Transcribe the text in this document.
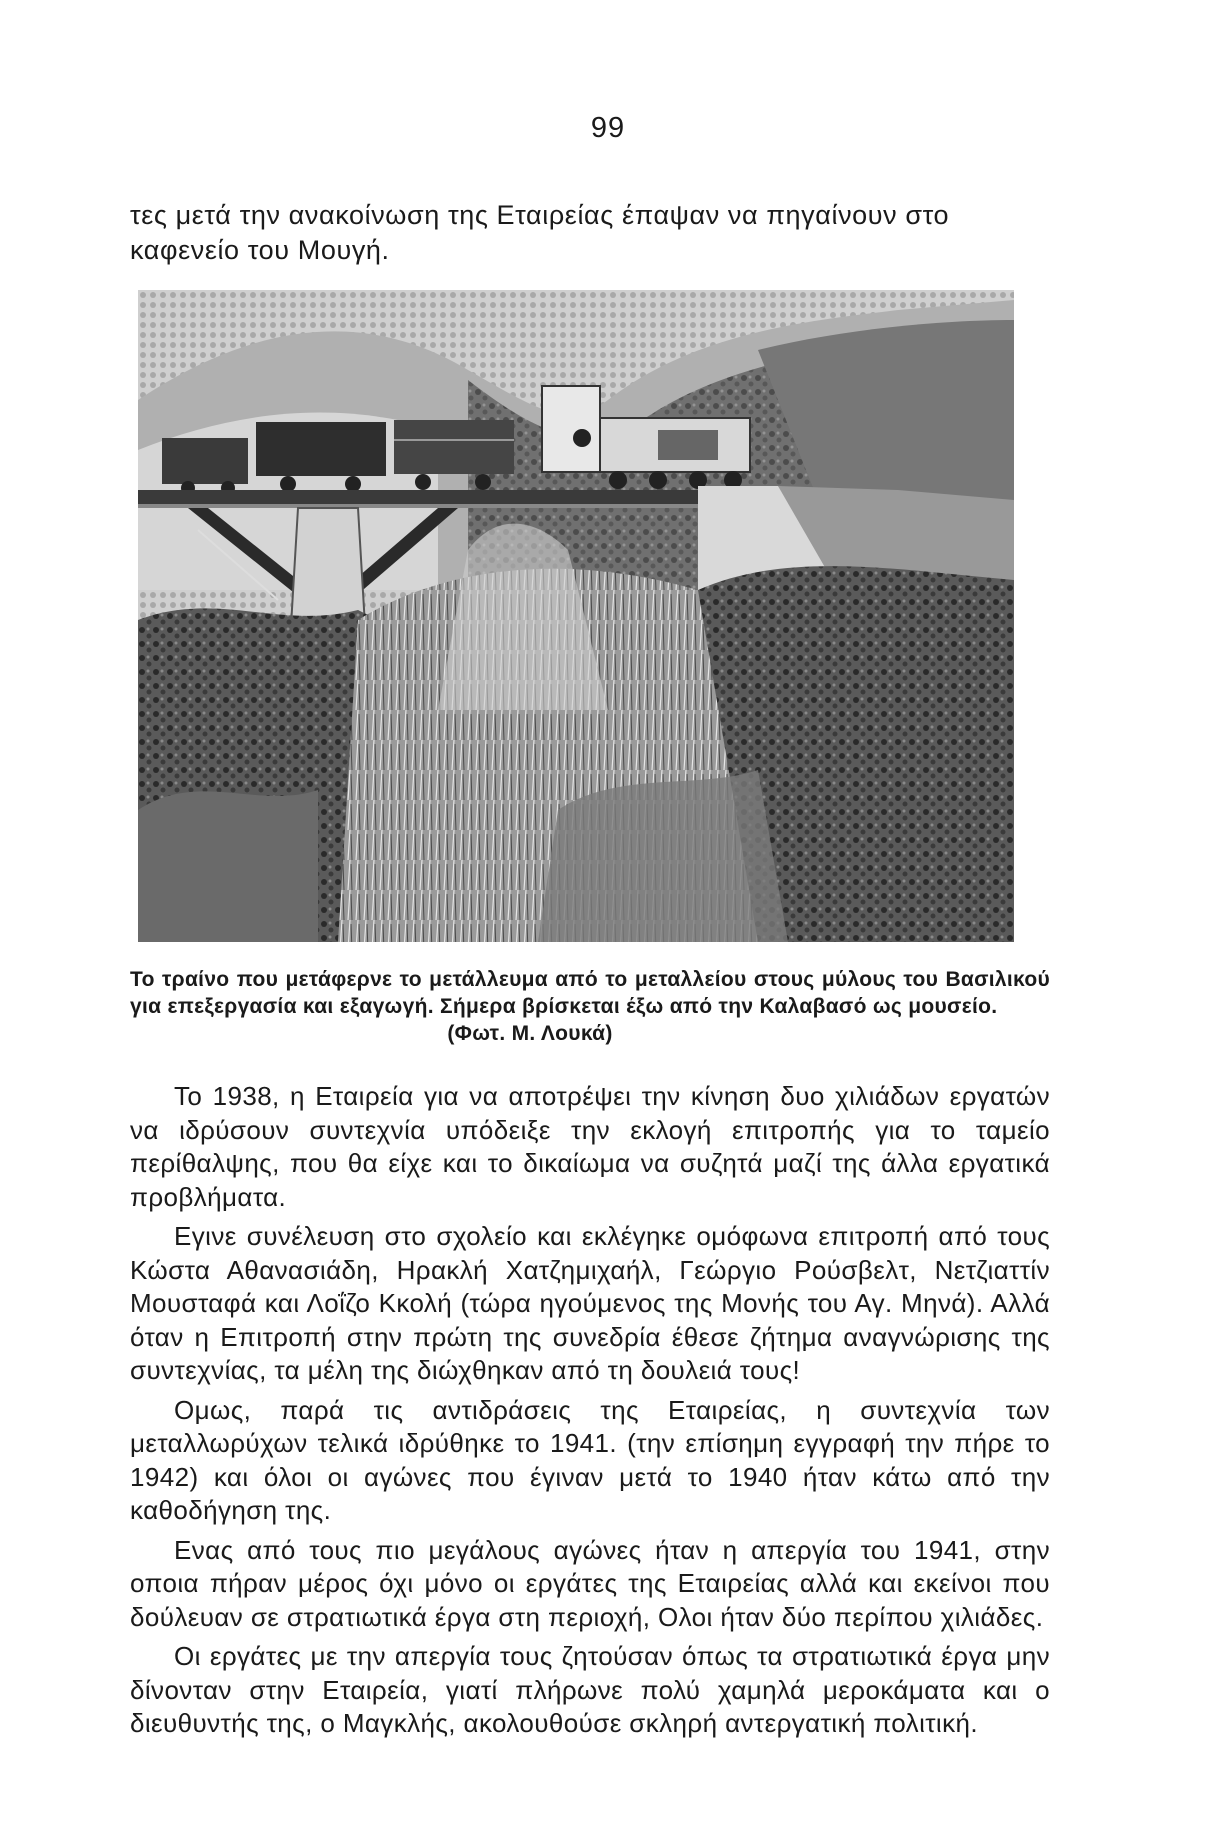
99
τες μετά την ανακοίνωση της Εταιρείας έπαψαν να πηγαίνουν στο καφενείο του Μουγή.
Το τραίνο που μετάφερνε το μετάλλευμα από το μεταλλείου στους μύλους του Βασιλικού για επεξεργασία και εξαγωγή. Σήμερα βρίσκεται έξω από την Καλαβασό ως μουσείο.
(Φωτ. Μ. Λουκά)

Το 1938, η Εταιρεία για να αποτρέψει την κίνηση δυο χιλιάδων εργατών να ιδρύσουν συντεχνία υπόδειξε την εκλογή επιτροπής για το ταμείο περίθαλψης, που θα είχε και το δικαίωμα να συζητά μαζί της άλλα εργατικά προβλήματα.

Εγινε συνέλευση στο σχολείο και εκλέγηκε ομόφωνα επιτροπή από τους Κώστα Αθανασιάδη, Ηρακλή Χατζημιχαήλ, Γεώργιο Ρούσβελτ, Νετζιαττίν Μουσταφά και Λοΐζο Κκολή (τώρα ηγούμενος της Μονής του Αγ. Μηνά). Αλλά όταν η Επιτροπή στην πρώτη της συνεδρία έθεσε ζήτημα αναγνώρισης της συντεχνίας, τα μέλη της διώχθηκαν από τη δουλειά τους!

Ομως, παρά τις αντιδράσεις της Εταιρείας, η συντεχνία των μεταλλωρύχων τελικά ιδρύθηκε το 1941. (την επίσημη εγγραφή την πήρε το 1942) και όλοι οι αγώνες που έγιναν μετά το 1940 ήταν κάτω από την καθοδήγηση της.

Ενας από τους πιο μεγάλους αγώνες ήταν η απεργία του 1941, στην οποια πήραν μέρος όχι μόνο οι εργάτες της Εταιρείας αλλά και εκείνοι που δούλευαν σε στρατιωτικά έργα στη περιοχή, Ολοι ήταν δύο περίπου χιλιάδες.

Οι εργάτες με την απεργία τους ζητούσαν όπως τα στρατιωτικά έργα μην δίνονταν στην Εταιρεία, γιατί πλήρωνε πολύ χαμηλά μεροκάματα και ο διευθυντής της, ο Μαγκλής, ακολουθούσε σκληρή αντεργατική πολιτική.
